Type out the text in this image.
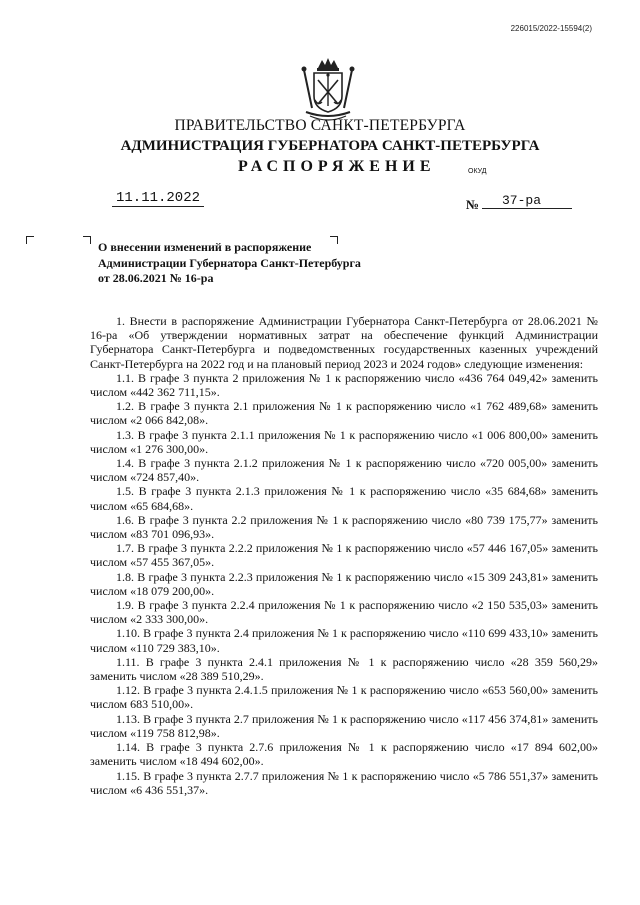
226015/2022-15594(2)
ПРАВИТЕЛЬСТВО САНКТ-ПЕТЕРБУРГА
АДМИНИСТРАЦИЯ ГУБЕРНАТОРА САНКТ-ПЕТЕРБУРГА
РАСПОРЯЖЕНИЕ	ОКУД
11.11.2022	№	37-ра
О внесении изменений в распоряжение
Администрации Губернатора Санкт-Петербурга
от 28.06.2021 № 16-ра

1. Внести в распоряжение Администрации Губернатора Санкт-Петербурга от 28.06.2021 № 16-ра «Об утверждении нормативных затрат на обеспечение функций Администрации Губернатора Санкт-Петербурга и подведомственных государственных казенных учреждений Санкт-Петербурга на 2022 год и на плановый период 2023 и 2024 годов» следующие изменения:

1.1. В графе 3 пункта 2 приложения № 1 к распоряжению число «436 764 049,42» заменить числом «442 362 711,15».

1.2. В графе 3 пункта 2.1 приложения № 1 к распоряжению число «1 762 489,68» заменить числом «2 066 842,08».

1.3. В графе 3 пункта 2.1.1 приложения № 1 к распоряжению число «1 006 800,00» заменить числом «1 276 300,00».

1.4. В графе 3 пункта 2.1.2 приложения № 1 к распоряжению число «720 005,00» заменить числом «724 857,40».

1.5. В графе 3 пункта 2.1.3 приложения № 1 к распоряжению число «35 684,68» заменить числом «65 684,68».

1.6. В графе 3 пункта 2.2 приложения № 1 к распоряжению число «80 739 175,77» заменить числом «83 701 096,93».

1.7. В графе 3 пункта 2.2.2 приложения № 1 к распоряжению число «57 446 167,05» заменить числом «57 455 367,05».

1.8. В графе 3 пункта 2.2.3 приложения № 1 к распоряжению число «15 309 243,81» заменить числом «18 079 200,00».

1.9. В графе 3 пункта 2.2.4 приложения № 1 к распоряжению число «2 150 535,03» заменить числом «2 333 300,00».

1.10. В графе 3 пункта 2.4 приложения № 1 к распоряжению число «110 699 433,10» заменить числом «110 729 383,10».

1.11. В графе 3 пункта 2.4.1 приложения № 1 к распоряжению число «28 359 560,29» заменить числом «28 389 510,29».

1.12. В графе 3 пункта 2.4.1.5 приложения № 1 к распоряжению число «653 560,00» заменить числом 683 510,00».

1.13. В графе 3 пункта 2.7 приложения № 1 к распоряжению число «117 456 374,81» заменить числом «119 758 812,98».

1.14. В графе 3 пункта 2.7.6 приложения № 1 к распоряжению число «17 894 602,00» заменить числом «18 494 602,00».

1.15. В графе 3 пункта 2.7.7 приложения № 1 к распоряжению число «5 786 551,37» заменить числом «6 436 551,37».
